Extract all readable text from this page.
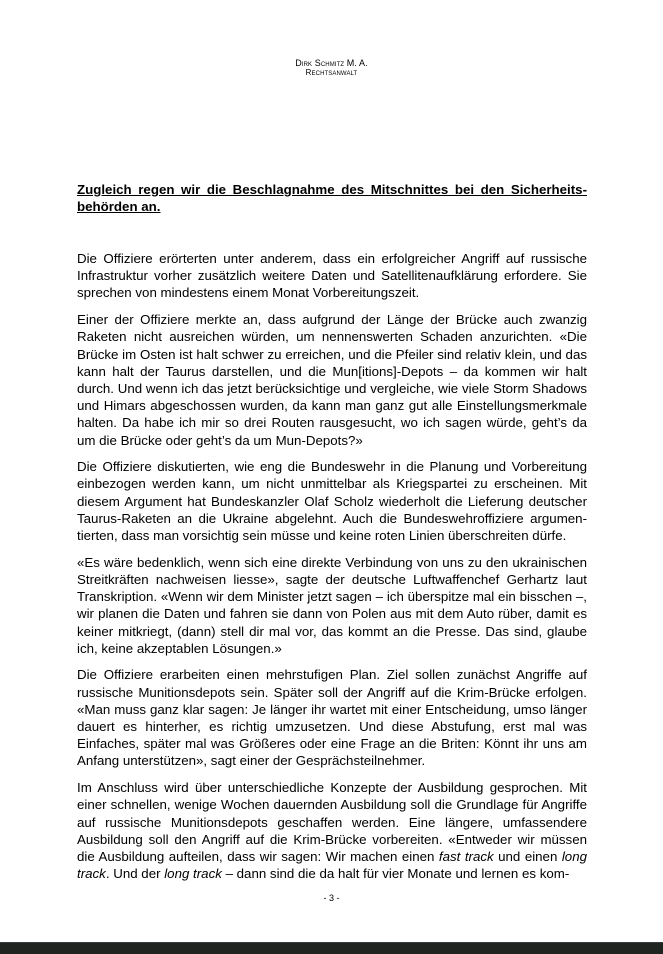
Dirk Schmitz M. A.
Rechtsanwalt
Zugleich regen wir die Beschlagnahme des Mitschnittes bei den Sicherheitsbehörden an.

Die Offiziere erörterten unter anderem, dass ein erfolgreicher Angriff auf russische Infrastruktur vorher zusätzlich weitere Daten und Satellitenaufklärung erfordere. Sie sprechen von mindestens einem Monat Vorbereitungszeit.

Einer der Offiziere merkte an, dass aufgrund der Länge der Brücke auch zwanzig Raketen nicht ausreichen würden, um nennenswerten Schaden anzurichten. «Die Brücke im Osten ist halt schwer zu erreichen, und die Pfeiler sind relativ klein, und das kann halt der Taurus darstellen, und die Mun[itions]-Depots – da kommen wir halt durch. Und wenn ich das jetzt berücksichtige und vergleiche, wie viele Storm Shadows und Himars abgeschossen wurden, da kann man ganz gut alle Einstellungsmerkmale halten. Da habe ich mir so drei Routen rausgesucht, wo ich sagen würde, geht’s da um die Brücke oder geht’s da um Mun-Depots?»

Die Offiziere diskutierten, wie eng die Bundeswehr in die Planung und Vorbereitung einbezogen werden kann, um nicht unmittelbar als Kriegspartei zu erscheinen. Mit diesem Argument hat Bundeskanzler Olaf Scholz wiederholt die Lieferung deutscher Taurus-Raketen an die Ukraine abgelehnt. Auch die Bundeswehroffiziere argumentierten, dass man vorsichtig sein müsse und keine roten Linien überschreiten dürfe.

«Es wäre bedenklich, wenn sich eine direkte Verbindung von uns zu den ukrainischen Streitkräften nachweisen liesse», sagte der deutsche Luftwaffenchef Gerhartz laut Transkription. «Wenn wir dem Minister jetzt sagen – ich überspitze mal ein bisschen –, wir planen die Daten und fahren sie dann von Polen aus mit dem Auto rüber, damit es keiner mitkriegt, (dann) stell dir mal vor, das kommt an die Presse. Das sind, glaube ich, keine akzeptablen Lösungen.»

Die Offiziere erarbeiten einen mehrstufigen Plan. Ziel sollen zunächst Angriffe auf russische Munitionsdepots sein. Später soll der Angriff auf die Krim-Brücke erfolgen. «Man muss ganz klar sagen: Je länger ihr wartet mit einer Entscheidung, umso länger dauert es hinterher, es richtig umzusetzen. Und diese Abstufung, erst mal was Einfaches, später mal was Größeres oder eine Frage an die Briten: Könnt ihr uns am Anfang unterstützen», sagt einer der Gesprächsteilnehmer.

Im Anschluss wird über unterschiedliche Konzepte der Ausbildung gesprochen. Mit einer schnellen, wenige Wochen dauernden Ausbildung soll die Grundlage für Angriffe auf russische Munitionsdepots geschaffen werden. Eine längere, umfassendere Ausbildung soll den Angriff auf die Krim-Brücke vorbereiten. «Entweder wir müssen die Ausbildung aufteilen, dass wir sagen: Wir machen einen fast track und einen long track. Und der long track – dann sind die da halt für vier Monate und lernen es kom-

- 3 -
